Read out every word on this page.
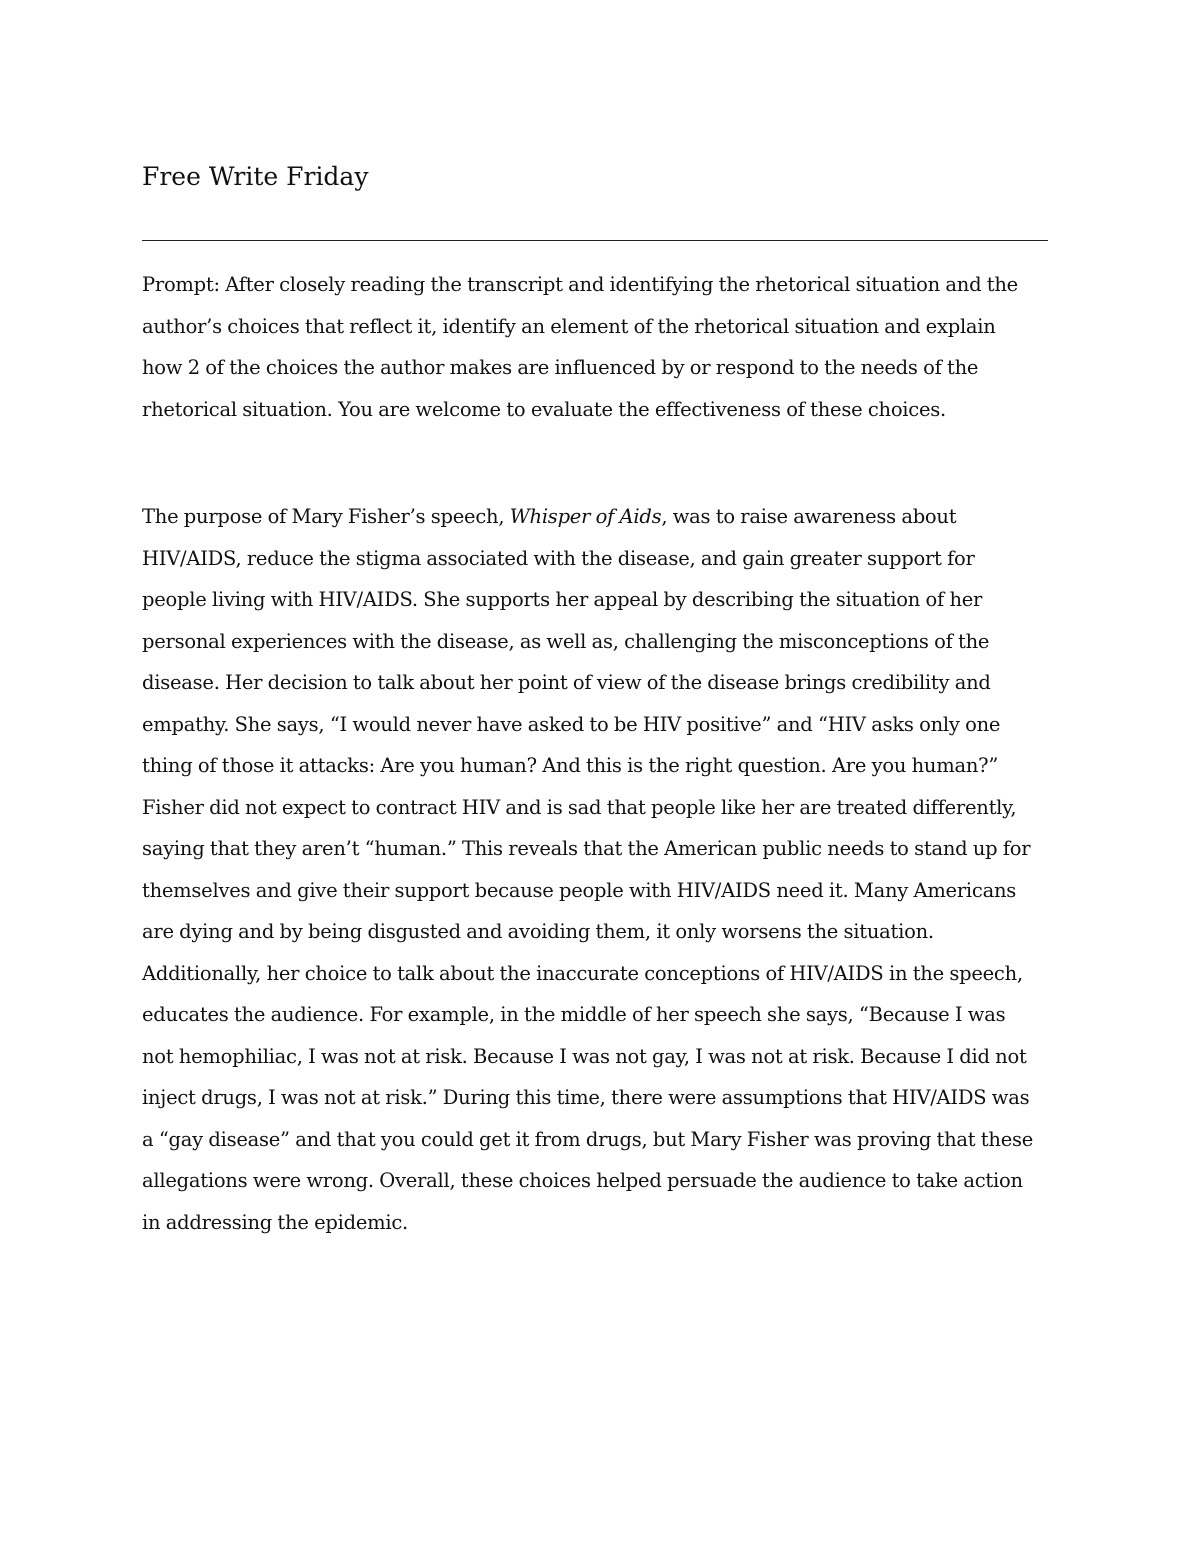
Free Write Friday
Prompt: After closely reading the transcript and identifying the rhetorical situation and the
author’s choices that reflect it, identify an element of the rhetorical situation and explain
how 2 of the choices the author makes are influenced by or respond to the needs of the
rhetorical situation. You are welcome to evaluate the effectiveness of these choices.
The purpose of Mary Fisher’s speech, Whisper of Aids, was to raise awareness about
HIV/AIDS, reduce the stigma associated with the disease, and gain greater support for
people living with HIV/AIDS. She supports her appeal by describing the situation of her
personal experiences with the disease, as well as, challenging the misconceptions of the
disease. Her decision to talk about her point of view of the disease brings credibility and
empathy. She says, “I would never have asked to be HIV positive” and “HIV asks only one
thing of those it attacks: Are you human? And this is the right question. Are you human?”
Fisher did not expect to contract HIV and is sad that people like her are treated differently,
saying that they aren’t “human.” This reveals that the American public needs to stand up for
themselves and give their support because people with HIV/AIDS need it. Many Americans
are dying and by being disgusted and avoiding them, it only worsens the situation.
Additionally, her choice to talk about the inaccurate conceptions of HIV/AIDS in the speech,
educates the audience. For example, in the middle of her speech she says, “Because I was
not hemophiliac, I was not at risk. Because I was not gay, I was not at risk. Because I did not
inject drugs, I was not at risk.” During this time, there were assumptions that HIV/AIDS was
a “gay disease” and that you could get it from drugs, but Mary Fisher was proving that these
allegations were wrong. Overall, these choices helped persuade the audience to take action
in addressing the epidemic.
